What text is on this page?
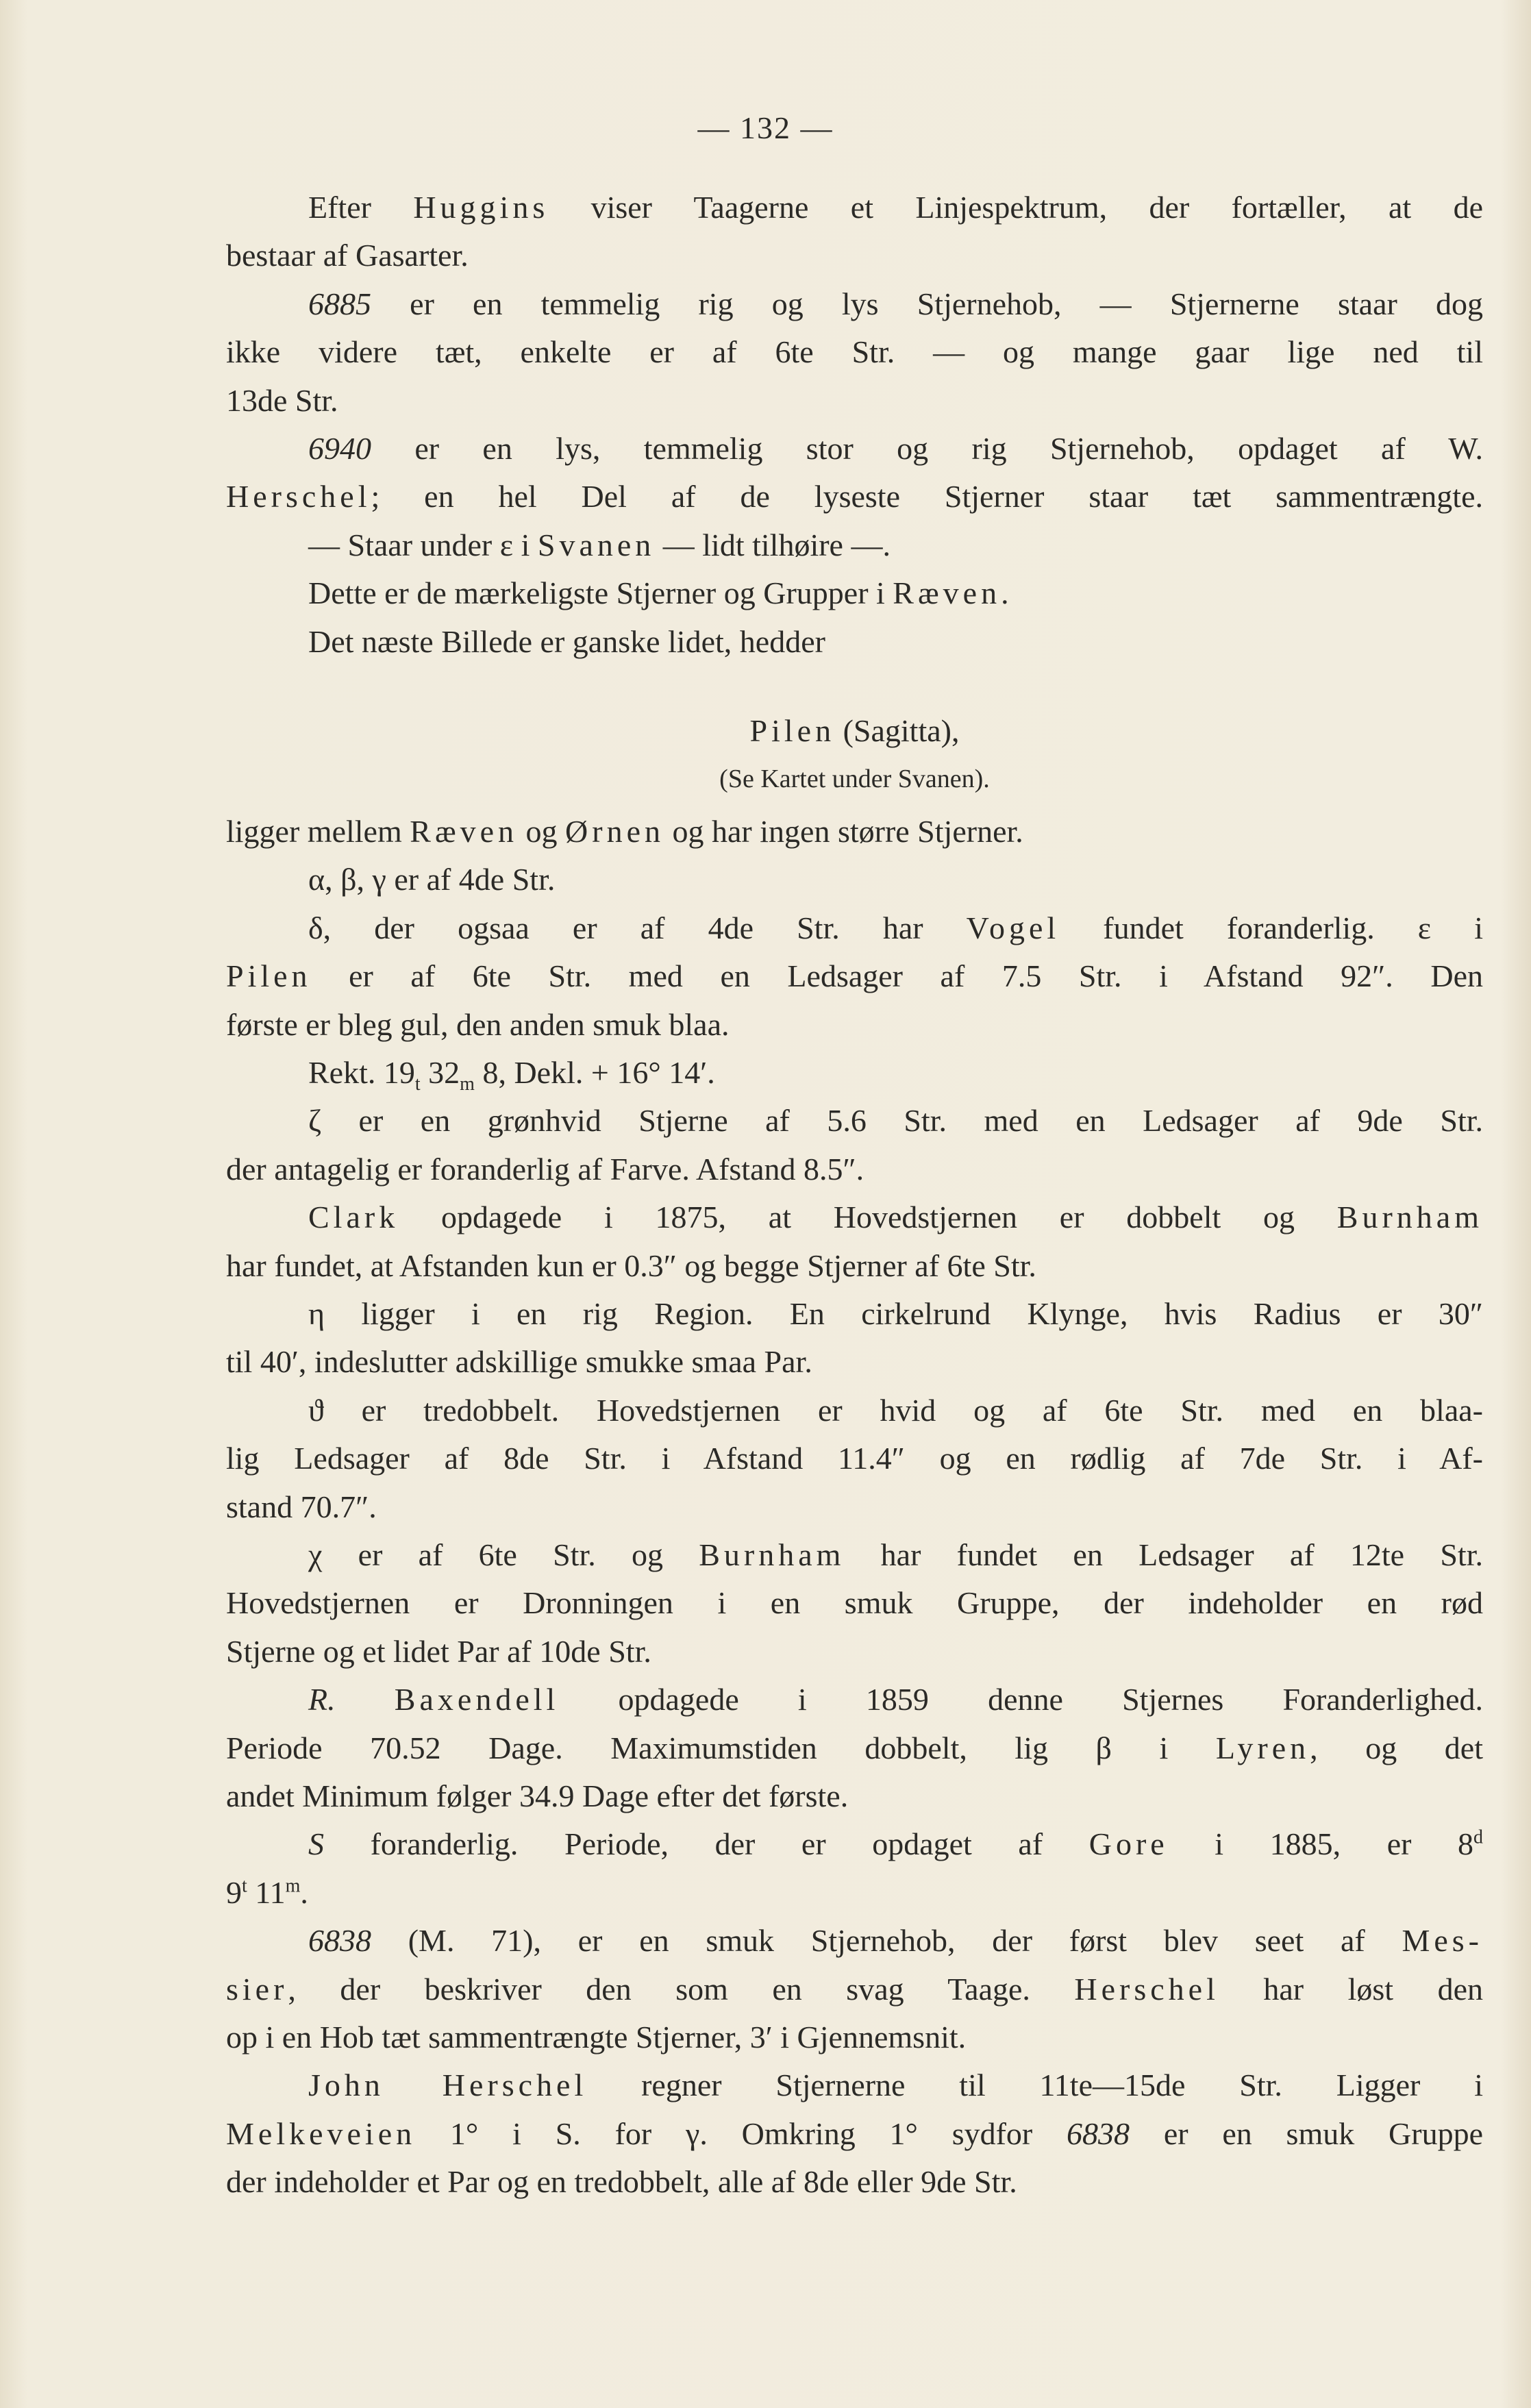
— 132 —

Efter Huggins viser Taagerne et Linjespektrum, der fortæller, at de

bestaar af Gasarter.

6885 er en temmelig rig og lys Stjernehob, — Stjernerne staar dog

ikke videre tæt, enkelte er af 6te Str. — og mange gaar lige ned til

13de Str.

6940 er en lys, temmelig stor og rig Stjernehob, opdaget af W.

Herschel; en hel Del af de lyseste Stjerner staar tæt sammentrængte.

— Staar under ε i Svanen — lidt tilhøire —.

Dette er de mærkeligste Stjerner og Grupper i Ræven.

Det næste Billede er ganske lidet, hedder

Pilen (Sagitta),

(Se Kartet under Svanen).

ligger mellem Ræven og Ørnen og har ingen større Stjerner.

α, β, γ er af 4de Str.

δ, der ogsaa er af 4de Str. har Vogel fundet foranderlig. ε i

Pilen er af 6te Str. med en Ledsager af 7.5 Str. i Afstand 92″. Den

første er bleg gul, den anden smuk blaa.

Rekt. $19_t$ $32_m$ 8, Dekl. + 16° 14′.

ζ er en grønhvid Stjerne af 5.6 Str. med en Ledsager af 9de Str.

der antagelig er foranderlig af Farve. Afstand 8.5″.

Clark opdagede i 1875, at Hovedstjernen er dobbelt og Burnham

har fundet, at Afstanden kun er 0.3″ og begge Stjerner af 6te Str.

η ligger i en rig Region. En cirkelrund Klynge, hvis Radius er 30″

til 40′, indeslutter adskillige smukke smaa Par.

ϑ er tredobbelt. Hovedstjernen er hvid og af 6te Str. med en blaa-

lig Ledsager af 8de Str. i Afstand 11.4″ og en rødlig af 7de Str. i Af-

stand 70.7″.

χ er af 6te Str. og Burnham har fundet en Ledsager af 12te Str.

Hovedstjernen er Dronningen i en smuk Gruppe, der indeholder en rød

Stjerne og et lidet Par af 10de Str.

R. Baxendell opdagede i 1859 denne Stjernes Foranderlighed.

Periode 70.52 Dage. Maximumstiden dobbelt, lig β i Lyren, og det

andet Minimum følger 34.9 Dage efter det første.

S foranderlig. Periode, der er opdaget af Gore i 1885, er 8$^d$

9$^t$ 11$^m$.

6838 (M. 71), er en smuk Stjernehob, der først blev seet af Mes-

sier, der beskriver den som en svag Taage. Herschel har løst den

op i en Hob tæt sammentrængte Stjerner, 3′ i Gjennemsnit.

John Herschel regner Stjernerne til 11te—15de Str. Ligger i

Melkeveien 1° i S. for γ. Omkring 1° sydfor 6838 er en smuk Gruppe

der indeholder et Par og en tredobbelt, alle af 8de eller 9de Str.
